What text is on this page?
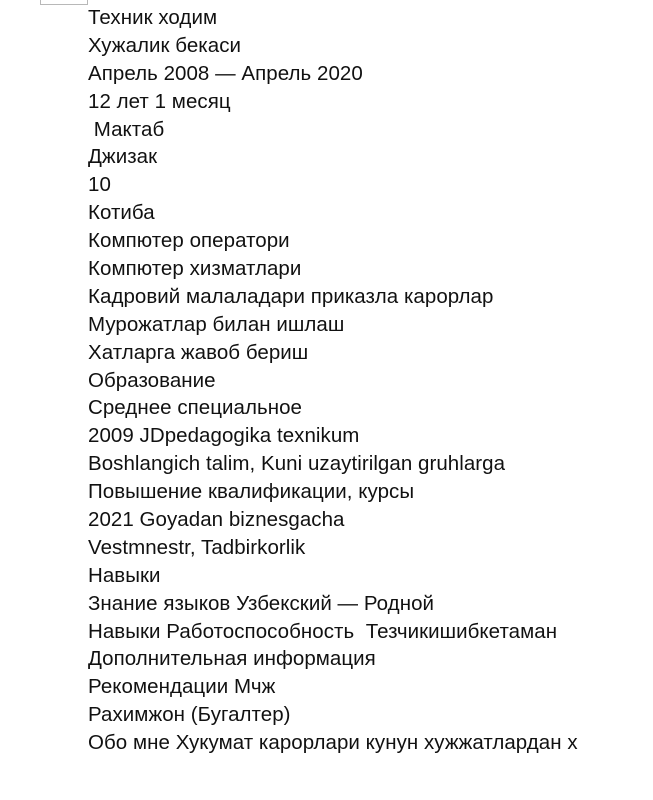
Техник ходим
Хужалик бекаси
Апрель 2008 — Апрель 2020
12 лет 1 месяц
Мактаб
Джизак
10
Котиба
Компютер оператори
Компютер хизматлари
Кадровий малаладари приказла карорлар
Мурожатлар билан ишлаш
Хатларга жавоб бериш
Образование
Среднее специальное
2009 JDpedagogika texnikum
Boshlangich talim, Kuni uzaytirilgan gruhlarga
Повышение квалификации, курсы
2021 Goyadan biznesgacha
Vestmnestr, Tadbirkorlik
Навыки
Знание языков Узбекский — Родной
Навыки Работоспособность  Тезчикишибкетаман
Дополнительная информация
Рекомендации Мчж
Рахимжон (Бугалтер)
Обо мне Хукумат карорлари кунун хужжатлардан х
